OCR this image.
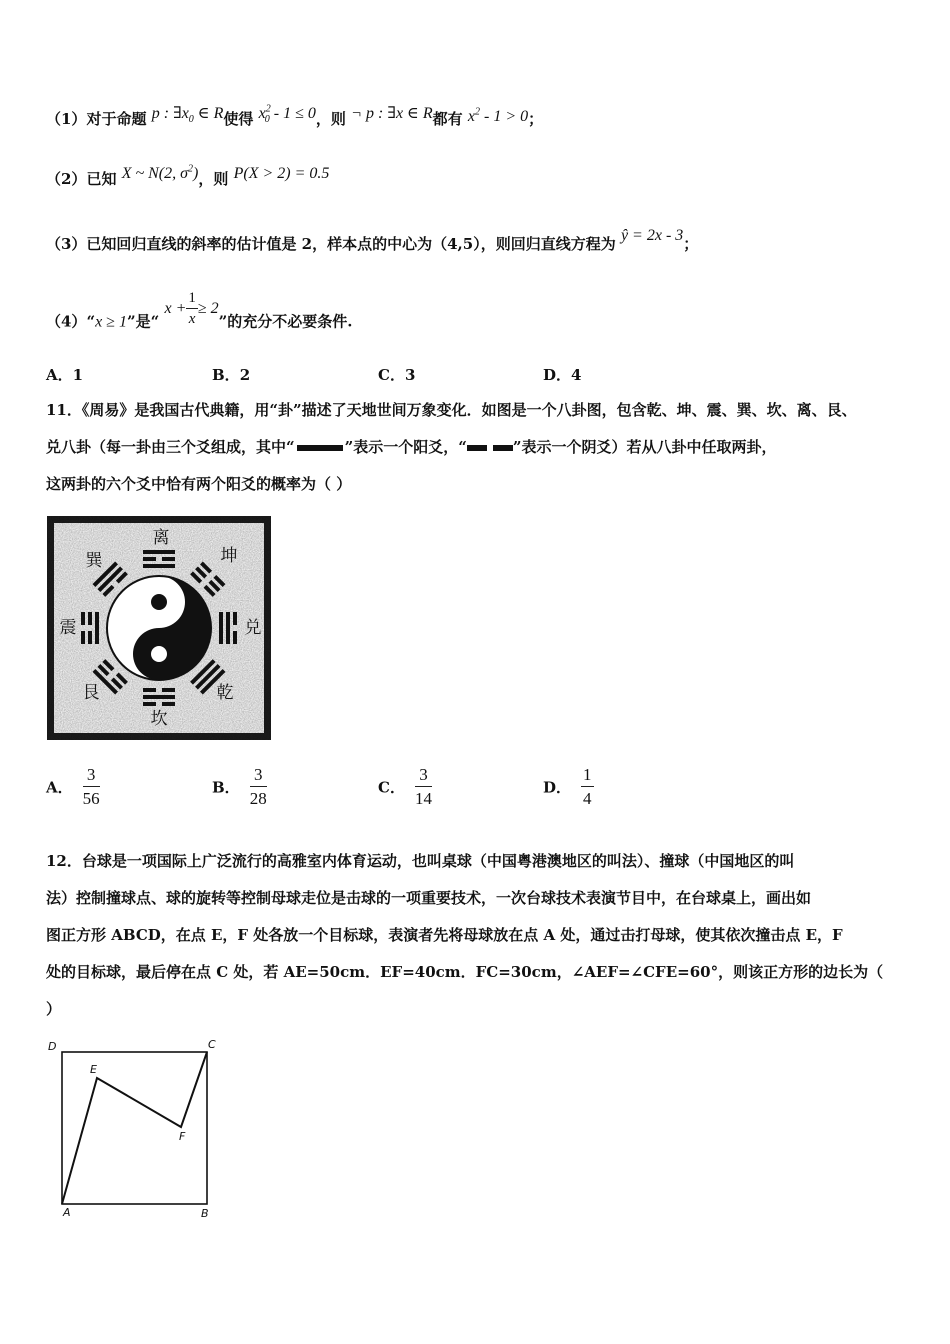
（1）对于命题 p : $\exists x_0$ ∈ R使得 $x^2_0 - 1 \le 0$，则 ¬ p : ∃x ∈ R都有 $x^2 - 1 > 0$；
（2）已知 X ~ N(2, $\sigma^2$)，则 P(X > 2) = 0.5
（3）已知回归直线的斜率的估计值是 2，样本点的中心为（4,5），则回归直线方程为 ŷ = 2x - 3；
（4）“x ≥ 1”是“ $x + \frac{1}{x} \ge 2$”的充分不必要条件.
A．1	B．2	C．3	D．4
11．《周易》是我国古代典籍，用“卦”描述了天地世间万象变化．如图是一个八卦图，包含乾、坤、震、巽、坎、离、艮、
兑八卦（每一卦由三个爻组成，其中“	”表示一个阳爻，“	”表示一个阴爻）若从八卦中任取两卦，
这两卦的六个爻中恰有两个阳爻的概率为（ ）
离
坤
兑
乾
坎
艮
震
巽
A． $\frac{3}{56}$	B． $\frac{3}{28}$	C． $\frac{3}{14}$	D． $\frac{1}{4}$
12．台球是一项国际上广泛流行的高雅室内体育运动，也叫桌球（中国粤港澳地区的叫法）、撞球（中国地区的叫
法）控制撞球点、球的旋转等控制母球走位是击球的一项重要技术，一次台球技术表演节目中，在台球桌上，画出如
图正方形 ABCD，在点 E，F 处各放一个目标球，表演者先将母球放在点 A 处，通过击打母球，使其依次撞击点 E，F
处的目标球，最后停在点 C 处，若 AE=50cm．EF=40cm．FC=30cm，∠AEF=∠CFE=60°，则该正方形的边长为（
）
D	C
E
F
A	B
